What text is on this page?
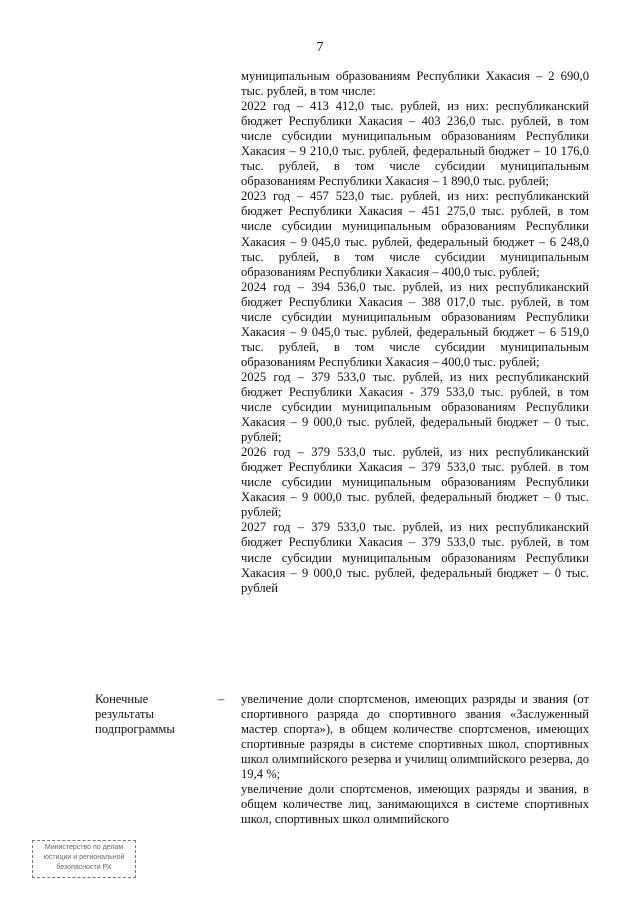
7

муниципальным образованиям Республики Хакасия – 2 690,0 тыс. рублей, в том числе:

2022 год – 413 412,0 тыс. рублей, из них: республиканский бюджет Республики Хакасия – 403 236,0 тыс. рублей, в том числе субсидии муниципальным образованиям Республики Хакасия – 9 210,0 тыс. рублей, федеральный бюджет – 10 176,0 тыс. рублей, в том числе субсидии муниципальным образованиям Республики Хакасия – 1 890,0 тыс. рублей;

2023 год – 457 523,0 тыс. рублей, из них: республиканский бюджет Республики Хакасия – 451 275,0 тыс. рублей, в том числе субсидии муниципальным образованиям Республики Хакасия – 9 045,0 тыс. рублей, федеральный бюджет – 6 248,0 тыс. рублей, в том числе субсидии муниципальным образованиям Республики Хакасия – 400,0 тыс. рублей;

2024 год – 394 536,0 тыс. рублей, из них республиканский бюджет Республики Хакасия – 388 017,0 тыс. рублей, в том числе субсидии муниципальным образованиям Республики Хакасия – 9 045,0 тыс. рублей, федеральный бюджет – 6 519,0 тыс. рублей, в том числе субсидии муниципальным образованиям Республики Хакасия – 400,0 тыс. рублей;

2025 год – 379 533,0 тыс. рублей, из них республиканский бюджет Республики Хакасия - 379 533,0 тыс. рублей, в том числе субсидии муниципальным образованиям Республики Хакасия – 9 000,0 тыс. рублей, федеральный бюджет – 0 тыс. рублей;

2026 год – 379 533,0 тыс. рублей, из них республиканский бюджет Республики Хакасия – 379 533,0 тыс. рублей. в том числе субсидии муниципальным образованиям Республики Хакасия – 9 000,0 тыс. рублей, федеральный бюджет – 0 тыс. рублей;

2027 год – 379 533,0 тыс. рублей, из них республиканский бюджет Республики Хакасия – 379 533,0 тыс. рублей, в том числе субсидии муниципальным образованиям Республики Хакасия – 9 000,0 тыс. рублей, федеральный бюджет – 0 тыс. рублей

Конечные результаты подпрограммы
– увеличение доли спортсменов, имеющих разряды и звания (от спортивного разряда до спортивного звания «Заслуженный мастер спорта»), в общем количестве спортсменов, имеющих спортивные разряды в системе спортивных школ, спортивных школ олимпийского резерва и училищ олимпийского резерва, до 19,4 %;

увеличение доли спортсменов, имеющих разряды и звания, в общем количестве лиц, занимающихся в системе спортивных школ, спортивных школ олимпийского

Министерство по делам юстиции и региональной безопасности РХ
